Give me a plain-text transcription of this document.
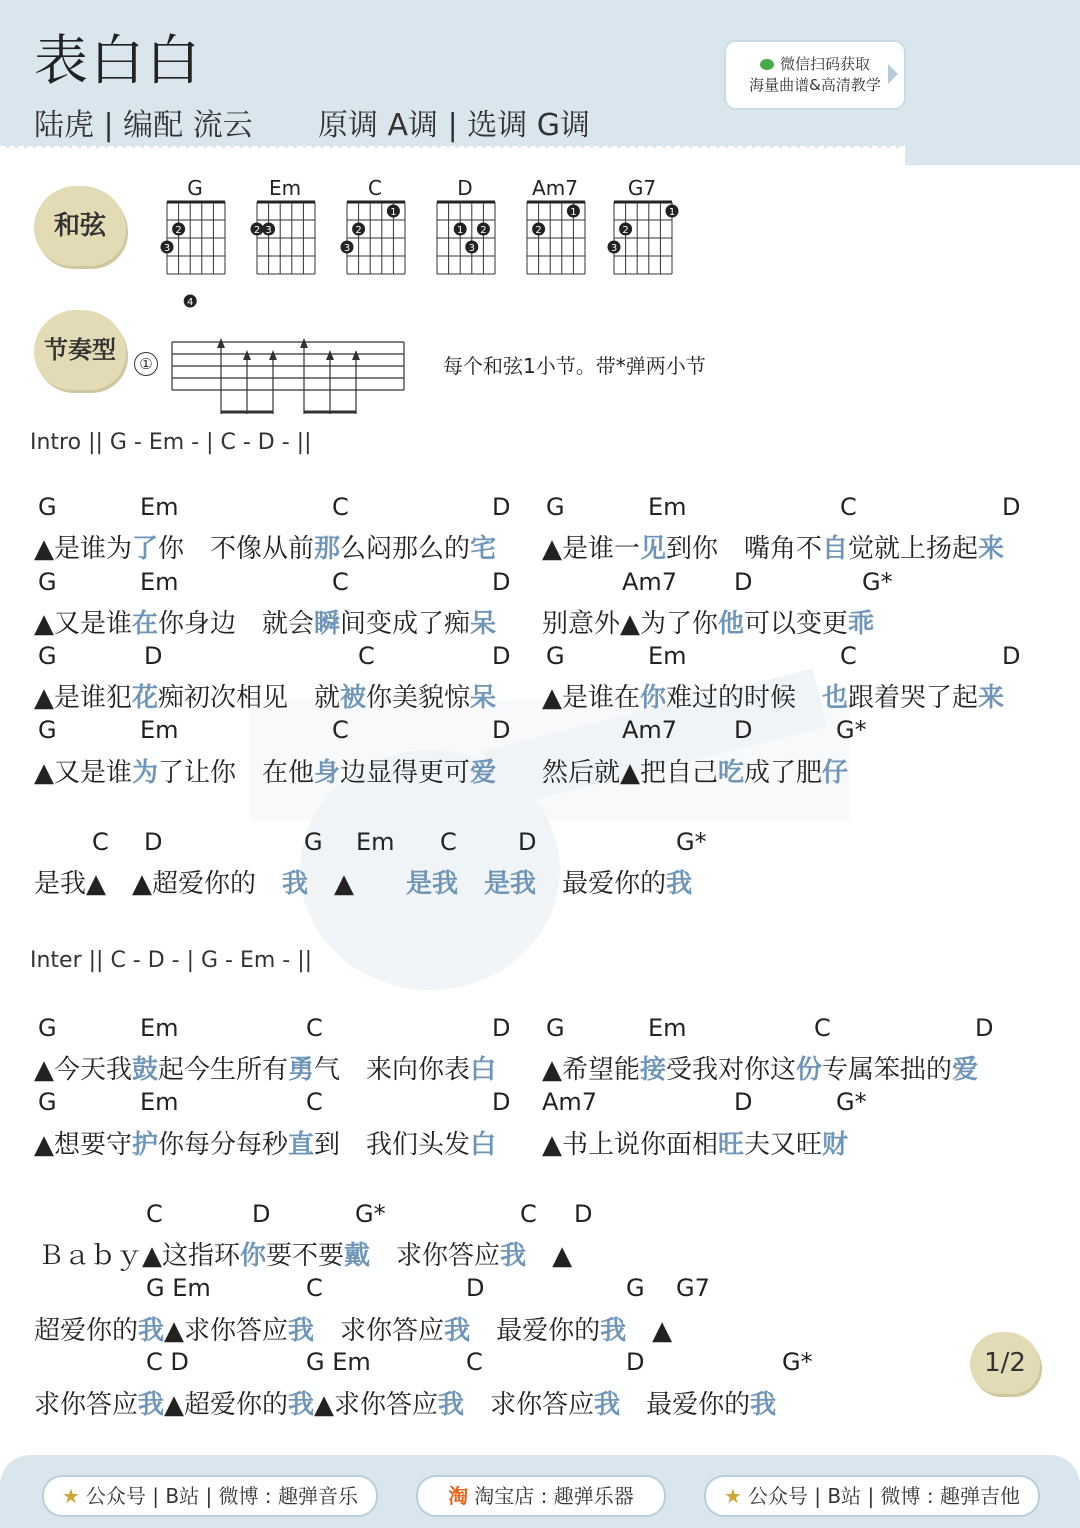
表白白
陆虎 | 编配 流云 原调 A调 | 选调 G调
微信扫码获取
海量曲谱&高清教学
和弦
节奏型
G
3
2
4
Em
2 3
C
3
2
1
D
1 2
3
Am7
2
1
G7
3
2
1
①	每个和弦1小节。带*弹两小节
Intro || G - Em - | C - D - ||
Inter || C - D - | G - Em - ||
G	Em	C	D G	Em	C	D
▲是谁为了你　不像从前那么闷那么的宅 ▲是谁一见到你　嘴角不自觉就上扬起来
G	Em	C	D	Am7 D	G*
▲又是谁在你身边　就会瞬间变成了痴呆 别意外▲为了你他可以变更乖
G	D	C	D G	Em	C	D
▲是谁犯花痴初次相见　就被你美貌惊呆 ▲是谁在你难过的时候　也跟着哭了起来
G	Em	C	D	Am7 D	G*
▲又是谁为了让你　在他身边显得更可爱 然后就▲把自己吃成了肥仔
C D	G Em C	D	G*
是我▲　▲超爱你的　我　▲　　是我　 是我　最爱你的我
G	Em	C	D G	Em	C	D
▲今天我鼓起今生所有勇气　来向你表白 ▲希望能接受我对你这份专属笨拙的爱
G	Em	C	D Am7	D	G*
▲想要守护你每分每秒直到　我们头发白 ▲书上说你面相旺夫又旺财
C	D	G*	C D
Ｂａｂｙ▲这指环你要不要戴　求你答应我　▲
G Em	C	D	G G7
超爱你的我▲求你答应我　求你答应我　最爱你的我　▲
C D	G Em	C	D	G*
求你答应我▲超爱你的我▲求你答应我　求你答应我　最爱你的我
1/2
★ 公众号 | B站 | 微博 : 趣弹音乐	淘 淘宝店 : 趣弹乐器	★ 公众号 | B站 | 微博 : 趣弹吉他
